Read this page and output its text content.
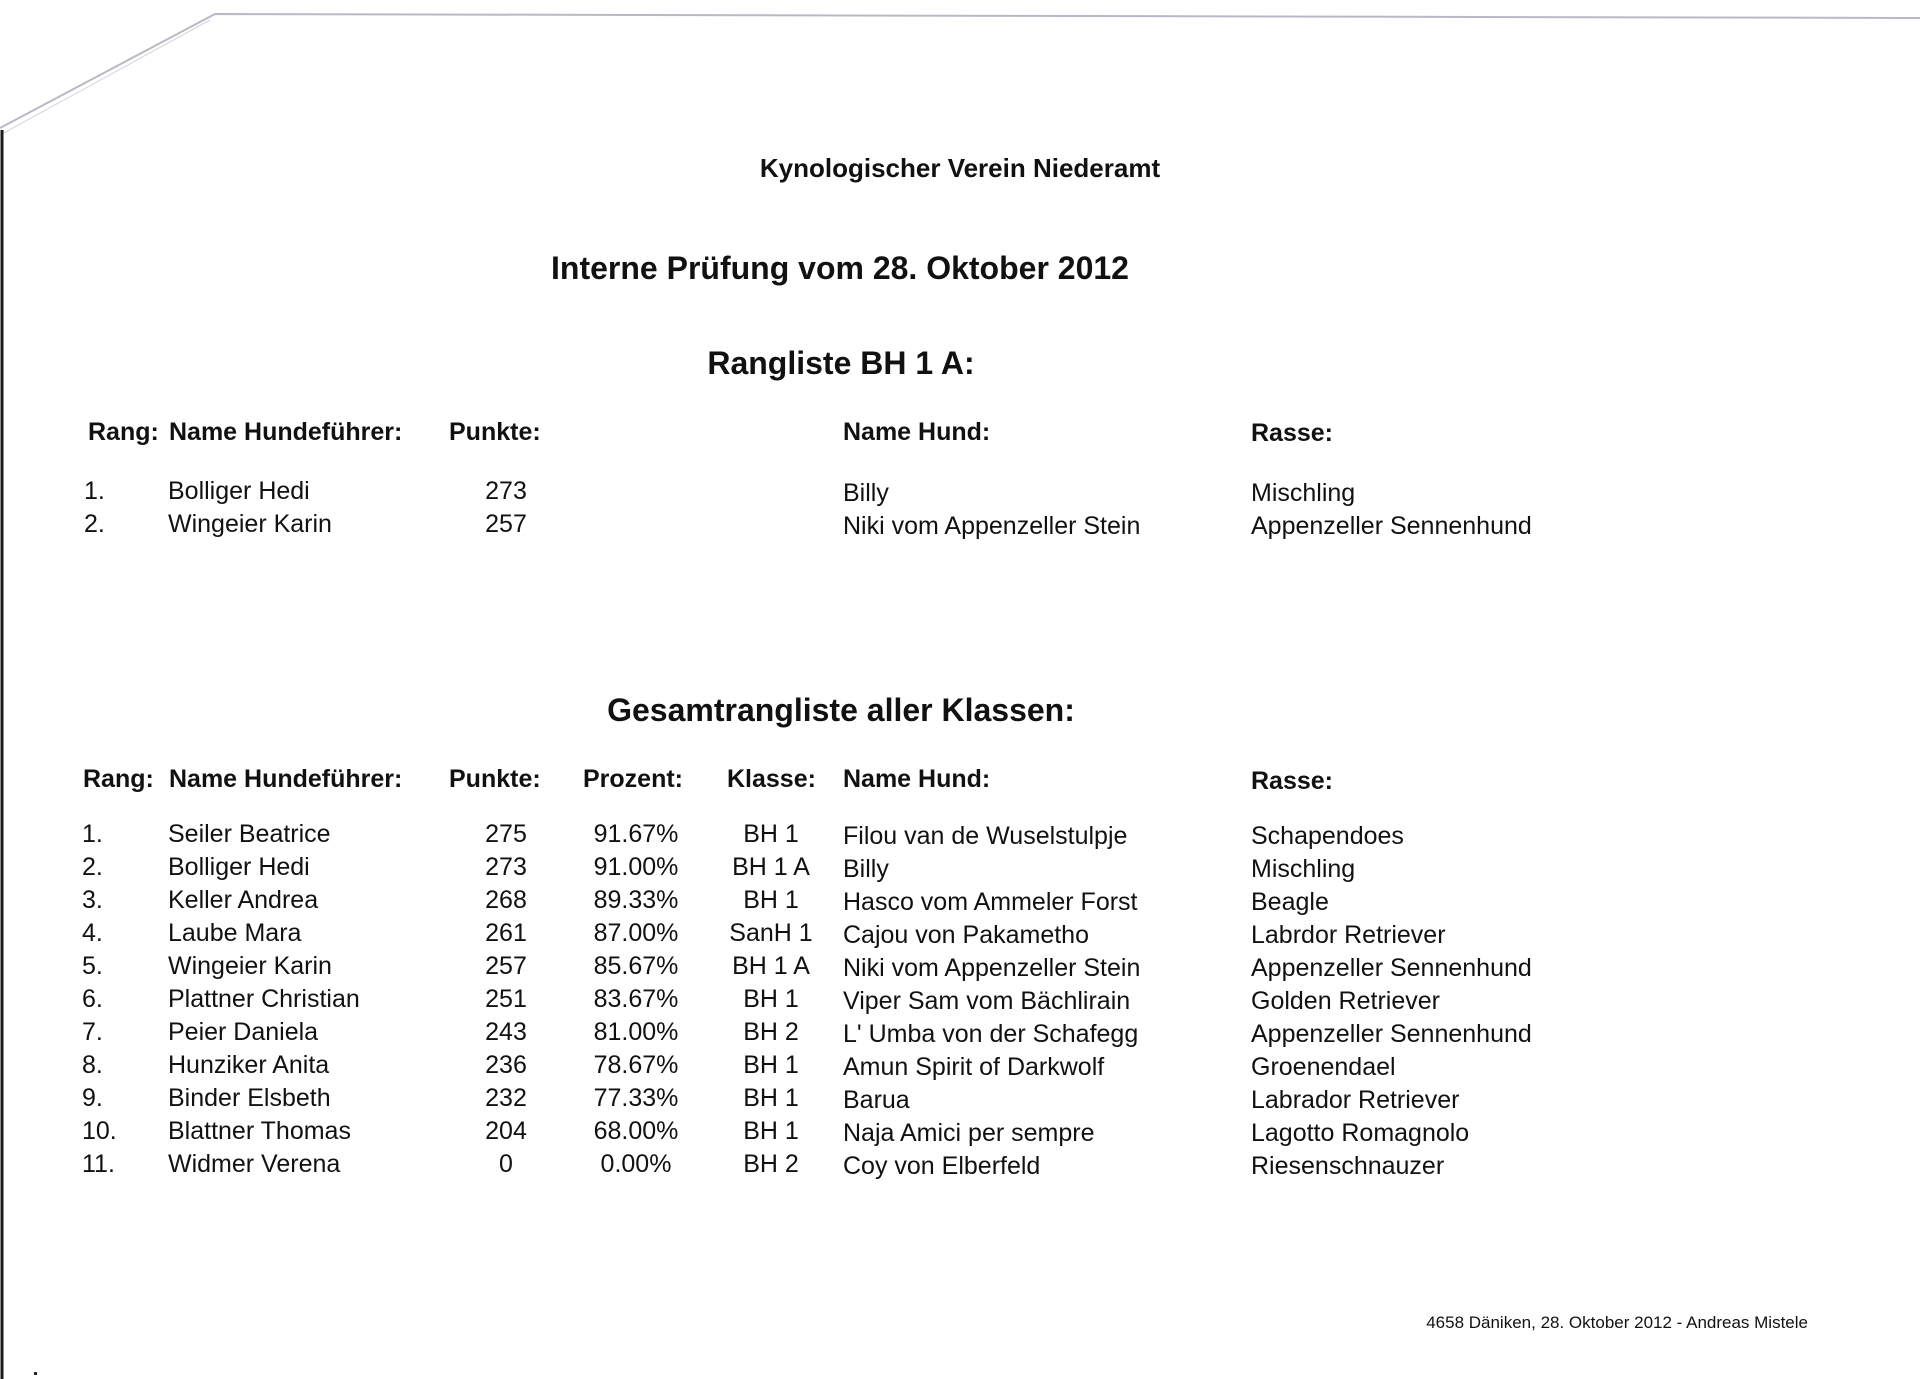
Kynologischer Verein Niederamt
Interne Prüfung vom 28. Oktober 2012
Rangliste BH 1 A:
Rang: Name Hundeführer: Punkte:	Name Hund:	Rasse:
1.	Bolliger Hedi	273	Billy	Mischling
2.	Wingeier Karin	257	Niki vom Appenzeller Stein	Appenzeller Sennenhund
Gesamtrangliste aller Klassen:
Rang: Name Hundeführer: Punkte: Prozent: Klasse: Name Hund:	Rasse:
1.	Seiler Beatrice	275	91.67%	BH 1	Filou van de Wuselstulpje	Schapendoes
2.	Bolliger Hedi	273	91.00%	BH 1 A	Billy	Mischling
3.	Keller Andrea	268	89.33%	BH 1	Hasco vom Ammeler Forst	Beagle
4.	Laube Mara	261	87.00%	SanH 1	Cajou von Pakametho	Labrdor Retriever
5.	Wingeier Karin	257	85.67%	BH 1 A	Niki vom Appenzeller Stein	Appenzeller Sennenhund
6.	Plattner Christian	251	83.67%	BH 1	Viper Sam vom Bächlirain	Golden Retriever
7.	Peier Daniela	243	81.00%	BH 2	L' Umba von der Schafegg	Appenzeller Sennenhund
8.	Hunziker Anita	236	78.67%	BH 1	Amun Spirit of Darkwolf	Groenendael
9.	Binder Elsbeth	232	77.33%	BH 1	Barua	Labrador Retriever
10. Blattner Thomas	204	68.00%	BH 1	Naja Amici per sempre	Lagotto Romagnolo
11. Widmer Verena	0	0.00%	BH 2	Coy von Elberfeld	Riesenschnauzer
4658 Däniken, 28. Oktober 2012 - Andreas Mistele
